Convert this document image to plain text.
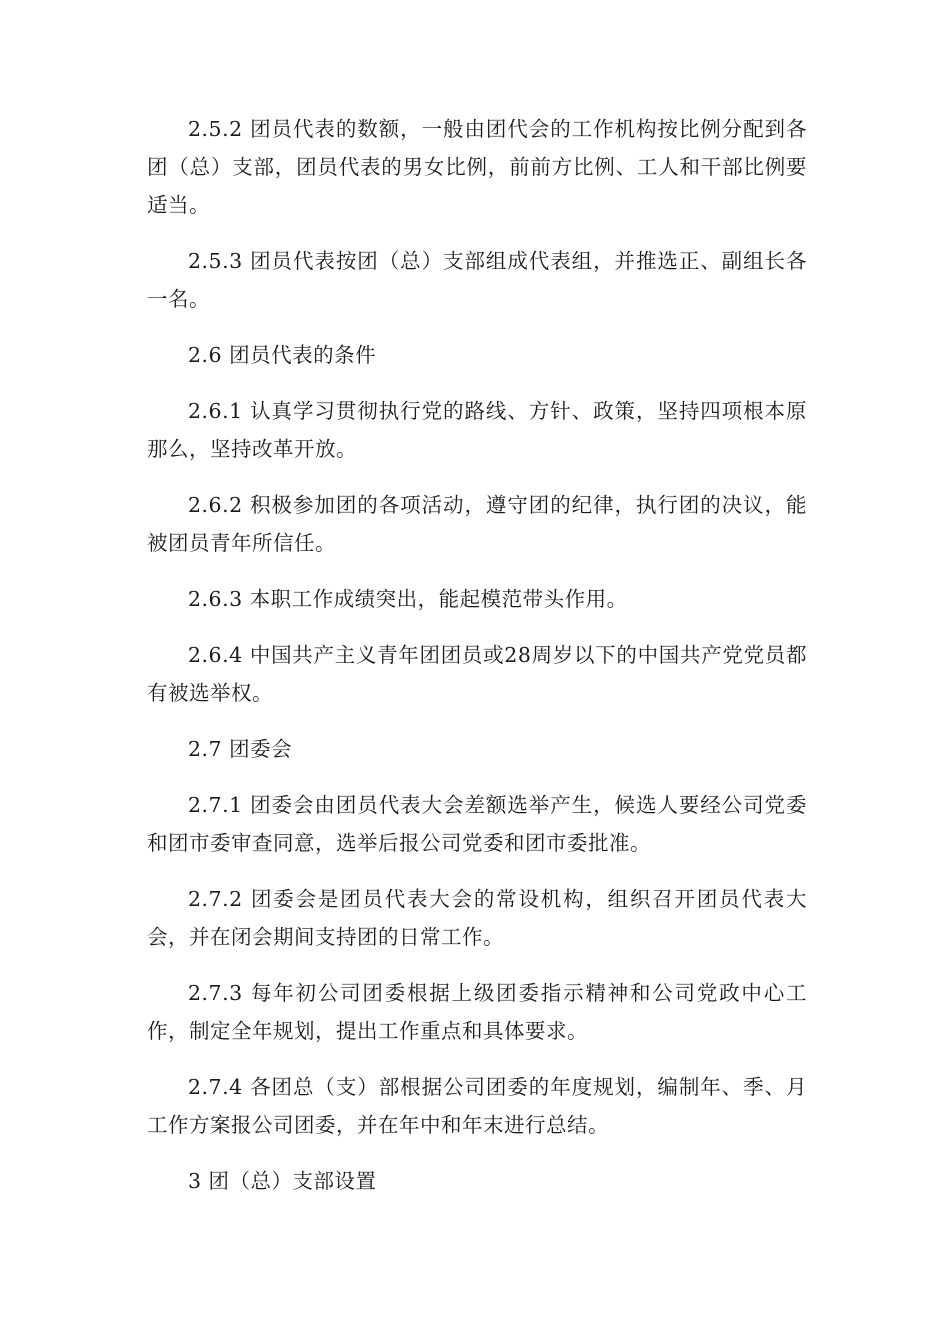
2.5.2 团员代表的数额，一般由团代会的工作机构按比例分配到各团（总）支部，团员代表的男女比例，前前方比例、工人和干部比例要适当。

2.5.3 团员代表按团（总）支部组成代表组，并推选正、副组长各一名。

2.6 团员代表的条件

2.6.1 认真学习贯彻执行党的路线、方针、政策，坚持四项根本原那么，坚持改革开放。

2.6.2 积极参加团的各项活动，遵守团的纪律，执行团的决议，能被团员青年所信任。

2.6.3 本职工作成绩突出，能起模范带头作用。

2.6.4 中国共产主义青年团团员或28周岁以下的中国共产党党员都有被选举权。

2.7 团委会

2.7.1 团委会由团员代表大会差额选举产生，候选人要经公司党委和团市委审查同意，选举后报公司党委和团市委批准。

2.7.2 团委会是团员代表大会的常设机构，组织召开团员代表大会，并在闭会期间支持团的日常工作。

2.7.3 每年初公司团委根据上级团委指示精神和公司党政中心工作，制定全年规划，提出工作重点和具体要求。

2.7.4 各团总（支）部根据公司团委的年度规划，编制年、季、月工作方案报公司团委，并在年中和年末进行总结。

3 团（总）支部设置
